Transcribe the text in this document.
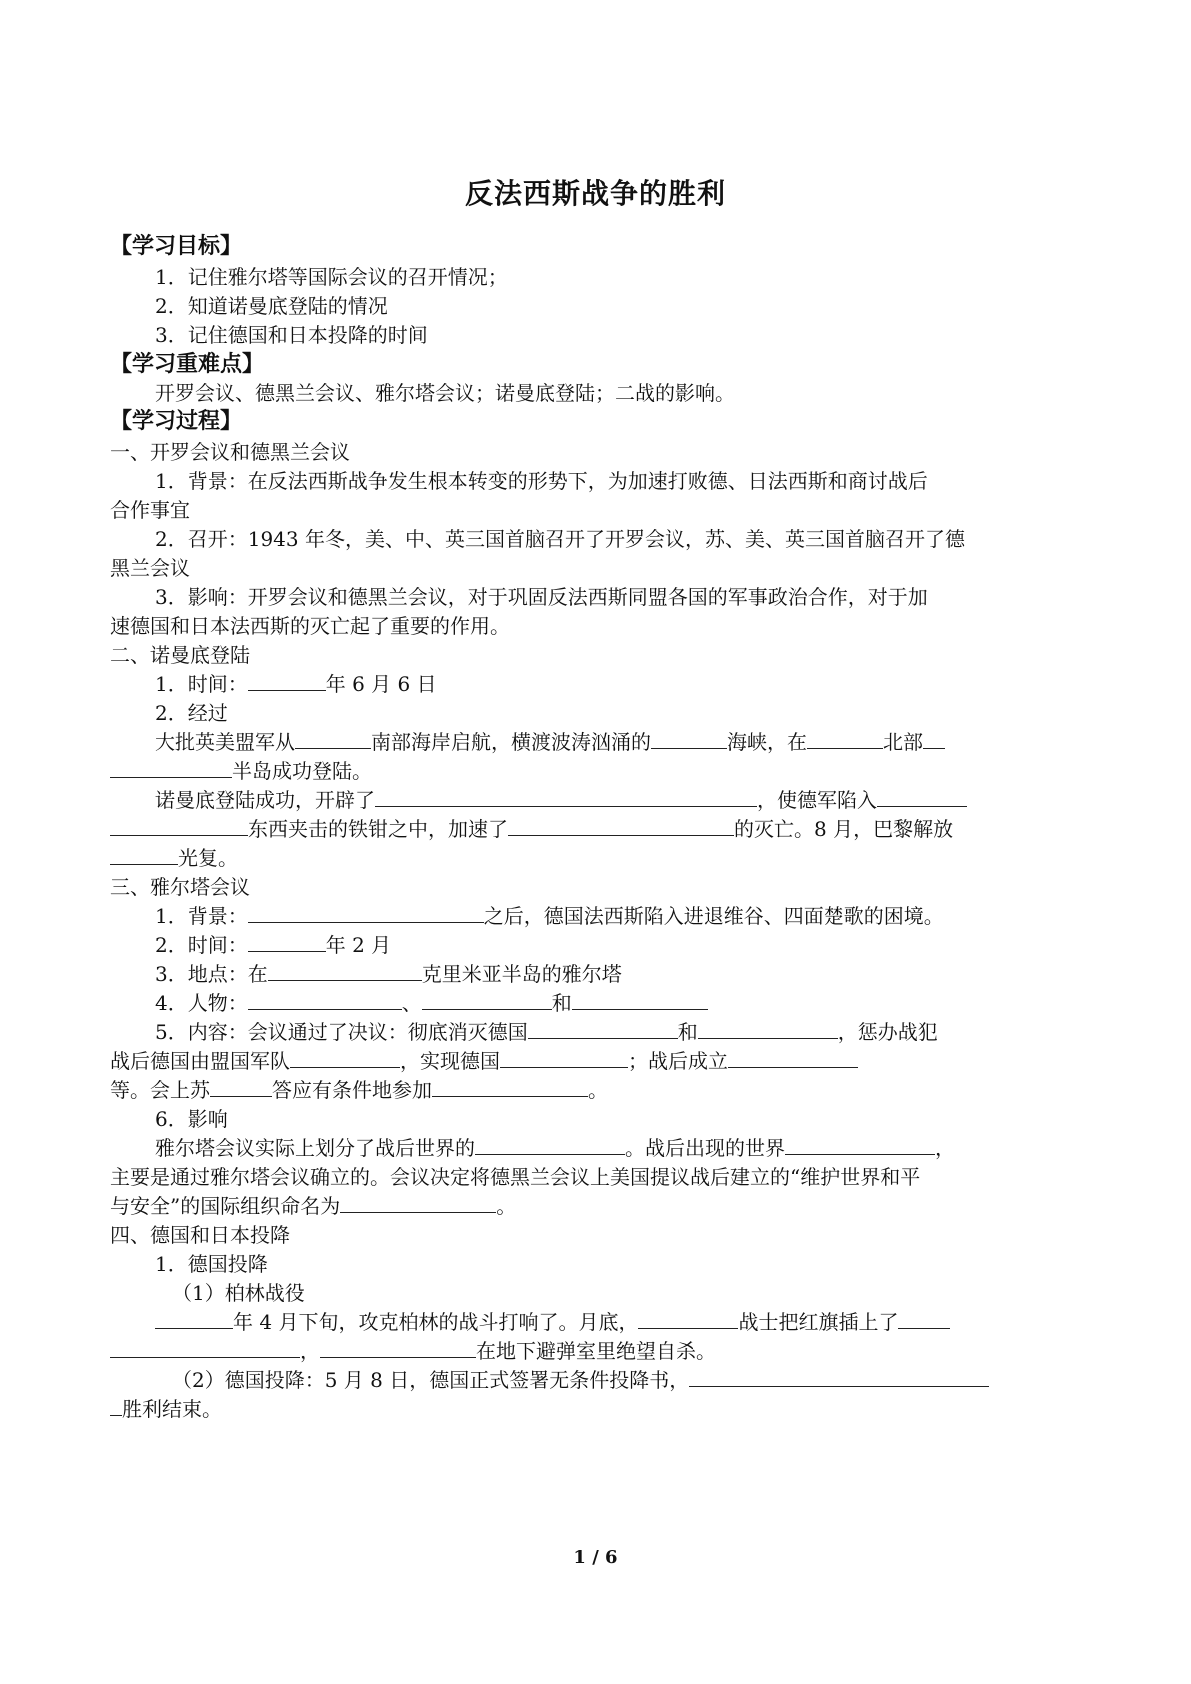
反法西斯战争的胜利
【学习目标】
1．记住雅尔塔等国际会议的召开情况；
2．知道诺曼底登陆的情况
3．记住德国和日本投降的时间
【学习重难点】
开罗会议、德黑兰会议、雅尔塔会议；诺曼底登陆；二战的影响。
【学习过程】
一、开罗会议和德黑兰会议
1．背景：在反法西斯战争发生根本转变的形势下，为加速打败德、日法西斯和商讨战后
合作事宜
2．召开：1943 年冬，美、中、英三国首脑召开了开罗会议，苏、美、英三国首脑召开了德
黑兰会议
3．影响：开罗会议和德黑兰会议，对于巩固反法西斯同盟各国的军事政治合作，对于加
速德国和日本法西斯的灭亡起了重要的作用。
二、诺曼底登陆
1．时间：	年 6 月 6 日
2．经过
大批英美盟军从	南部海岸启航，横渡波涛汹涌的	海峡，在	北部
半岛成功登陆。
诺曼底登陆成功，开辟了	，使德军陷入
东西夹击的铁钳之中，加速了	的灭亡。8 月，巴黎解放
光复。
三、雅尔塔会议
1．背景：	之后，德国法西斯陷入进退维谷、四面楚歌的困境。
2．时间：	年 2 月
3．地点：在	克里米亚半岛的雅尔塔
4．人物：	、	和
5．内容：会议通过了决议：彻底消灭德国	和	，惩办战犯
战后德国由盟国军队	，实现德国	；战后成立
等。会上苏	答应有条件地参加	。
6．影响
雅尔塔会议实际上划分了战后世界的	。战后出现的世界	，
主要是通过雅尔塔会议确立的。会议决定将德黑兰会议上美国提议战后建立的“维护世界和平
与安全”的国际组织命名为	。
四、德国和日本投降
1．德国投降
（1）柏林战役
年 4 月下旬，攻克柏林的战斗打响了。月底，	战士把红旗插上了
，	在地下避弹室里绝望自杀。
（2）德国投降：5 月 8 日，德国正式签署无条件投降书，
胜利结束。
1 / 6
